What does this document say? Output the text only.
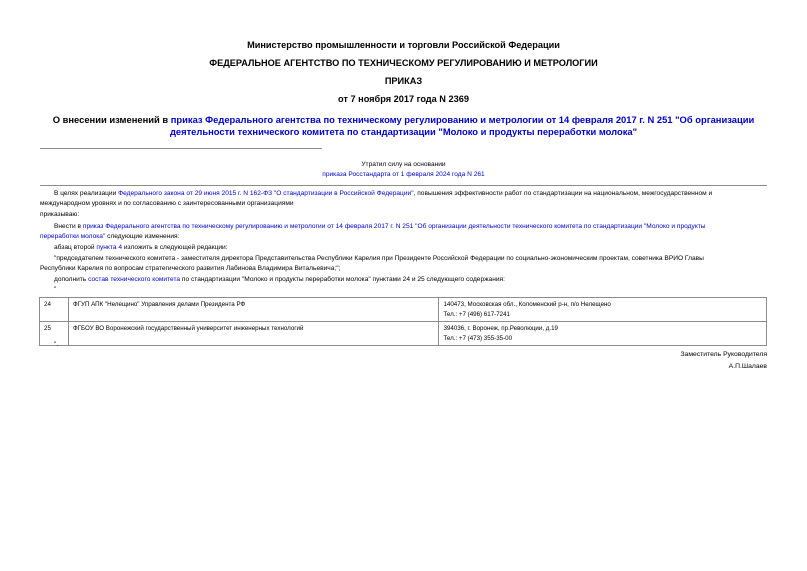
Министерство промышленности и торговли Российской Федерации
ФЕДЕРАЛЬНОЕ АГЕНТСТВО ПО ТЕХНИЧЕСКОМУ РЕГУЛИРОВАНИЮ И МЕТРОЛОГИИ
ПРИКАЗ
от 7 ноября 2017 года N 2369
О внесении изменений в приказ Федерального агентства по техническому регулированию и метрологии от 14 февраля 2017 г. N 251 "Об организации деятельности технического комитета по стандартизации "Молоко и продукты переработки молока"
Утратил силу на основании
приказа Росстандарта от 1 февраля 2024 года N 261
В целях реализации Федерального закона от 29 июня 2015 г. N 162-ФЗ "О стандартизации в Российской Федерации", повышения эффективности работ по стандартизации на национальном, межгосударственном и
международном уровнях и по согласованию с заинтересованными организациями
приказываю:
Внести в приказ Федерального агентства по техническому регулированию и метрологии от 14 февраля 2017 г. N 251 "Об организации деятельности технического комитета по стандартизации "Молоко и продукты
переработки молока" следующие изменения:
абзац второй пункта 4 изложить в следующей редакции:
"председателем технического комитета - заместителя директора Представительства Республики Карелия при Президенте Российской Федерации по социально-экономическим проектам, советника ВРИО Главы
Республики Карелия по вопросам стратегического развития Лабинова Владимира Витальевича;";
дополнить состав технического комитета по стандартизации "Молоко и продукты переработки молока" пунктами 24 и 25 следующего содержания:
"
24	ФГУП АПК "Нелещино" Управления делами Президента РФ	140473, Московская обл., Коломенский р-н, п/о Нелещено
Тел.: +7 (496) 617-7241

25	ФГБОУ ВО Воронежский государственный университет инженерных технологий	394036, г. Воронеж, пр.Революции, д.19
Тел.: +7 (473) 355-35-00
".
Заместитель Руководителя
А.П.Шалаев
